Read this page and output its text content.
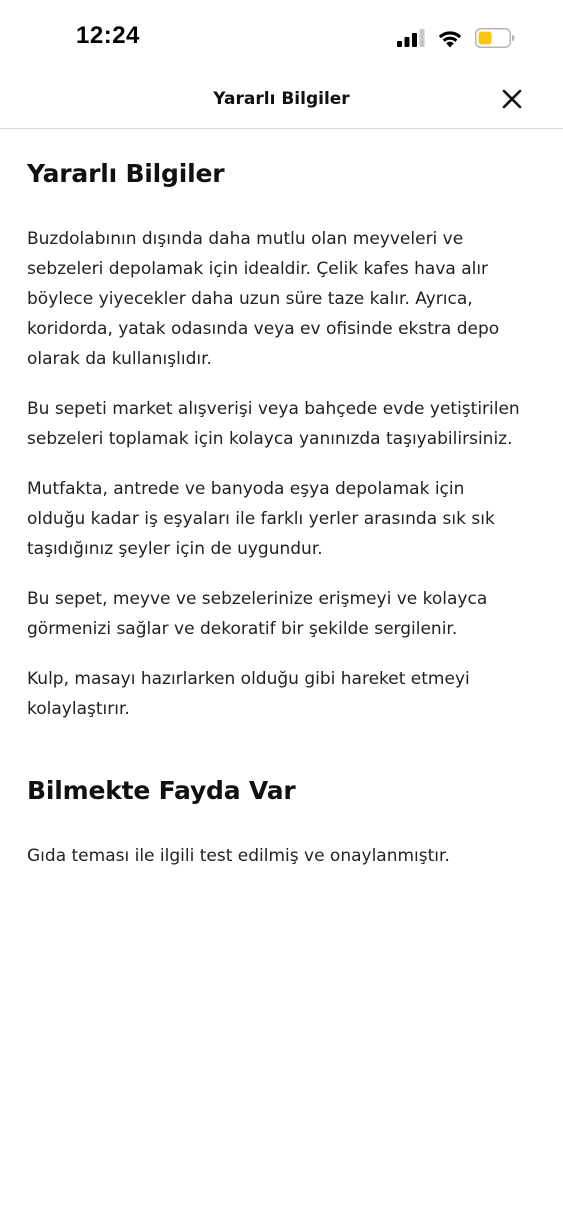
12:24
Yararlı Bilgiler
Yararlı Bilgiler

Buzdolabının dışında daha mutlu olan meyveleri ve sebzeleri depolamak için idealdir. Çelik kafes hava alır böylece yiyecekler daha uzun süre taze kalır. Ayrıca, koridorda, yatak odasında veya ev ofisinde ekstra depo olarak da kullanışlıdır.

Bu sepeti market alışverişi veya bahçede evde yetiştirilen sebzeleri toplamak için kolayca yanınızda taşıyabilirsiniz.

Mutfakta, antrede ve banyoda eşya depolamak için olduğu kadar iş eşyaları ile farklı yerler arasında sık sık taşıdığınız şeyler için de uygundur.

Bu sepet, meyve ve sebzelerinize erişmeyi ve kolayca görmenizi sağlar ve dekoratif bir şekilde sergilenir.

Kulp, masayı hazırlarken olduğu gibi hareket etmeyi kolaylaştırır.

Bilmekte Fayda Var

Gıda teması ile ilgili test edilmiş ve onaylanmıştır.
